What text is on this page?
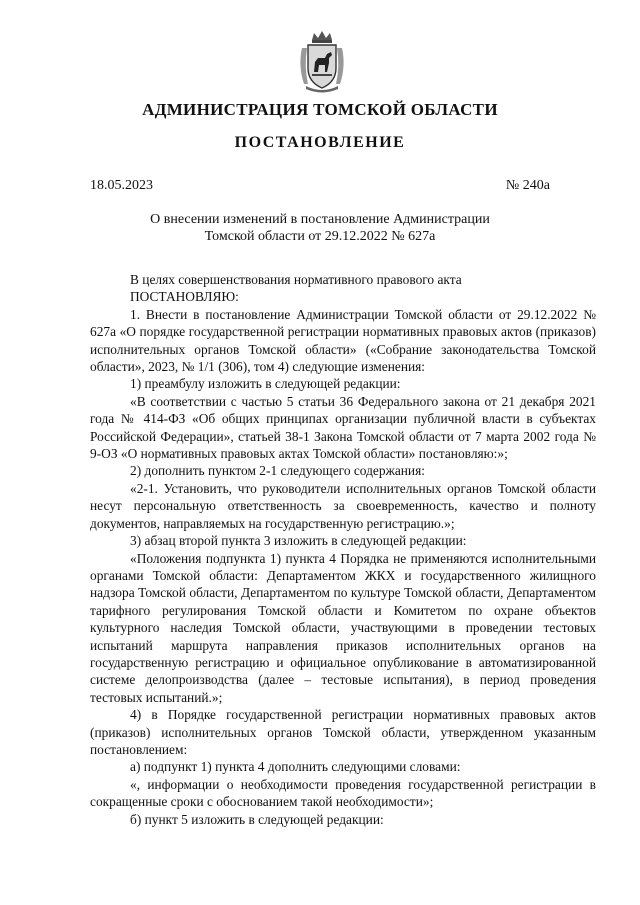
АДМИНИСТРАЦИЯ ТОМСКОЙ ОБЛАСТИ
ПОСТАНОВЛЕНИЕ
18.05.2023	№ 240а
О внесении изменений в постановление Администрации
Томской области от 29.12.2022 № 627а

В целях совершенствования нормативного правового акта

ПОСТАНОВЛЯЮ:

1. Внести в постановление Администрации Томской области от 29.12.2022 № 627а «О порядке государственной регистрации нормативных правовых актов (приказов) исполнительных органов Томской области» («Собрание законодательства Томской области», 2023, № 1/1 (306), том 4) следующие изменения:

1) преамбулу изложить в следующей редакции:

«В соответствии с частью 5 статьи 36 Федерального закона от 21 декабря 2021 года № 414-ФЗ «Об общих принципах организации публичной власти в субъектах Российской Федерации», статьей 38-1 Закона Томской области от 7 марта 2002 года № 9-ОЗ «О нормативных правовых актах Томской области» постановляю:»;

2) дополнить пунктом 2-1 следующего содержания:

«2-1. Установить, что руководители исполнительных органов Томской области несут персональную ответственность за своевременность, качество и полноту документов, направляемых на государственную регистрацию.»;

3) абзац второй пункта 3 изложить в следующей редакции:

«Положения подпункта 1) пункта 4 Порядка не применяются исполнительными органами Томской области: Департаментом ЖКХ и государственного жилищного надзора Томской области, Департаментом по культуре Томской области, Департаментом тарифного регулирования Томской области и Комитетом по охране объектов культурного наследия Томской области, участвующими в проведении тестовых испытаний маршрута направления приказов исполнительных органов на государственную регистрацию и официальное опубликование в автоматизированной системе делопроизводства (далее – тестовые испытания), в период проведения тестовых испытаний.»;

4) в Порядке государственной регистрации нормативных правовых актов (приказов) исполнительных органов Томской области, утвержденном указанным постановлением:

а) подпункт 1) пункта 4 дополнить следующими словами:

«, информации о необходимости проведения государственной регистрации в сокращенные сроки с обоснованием такой необходимости»;

б) пункт 5 изложить в следующей редакции:
